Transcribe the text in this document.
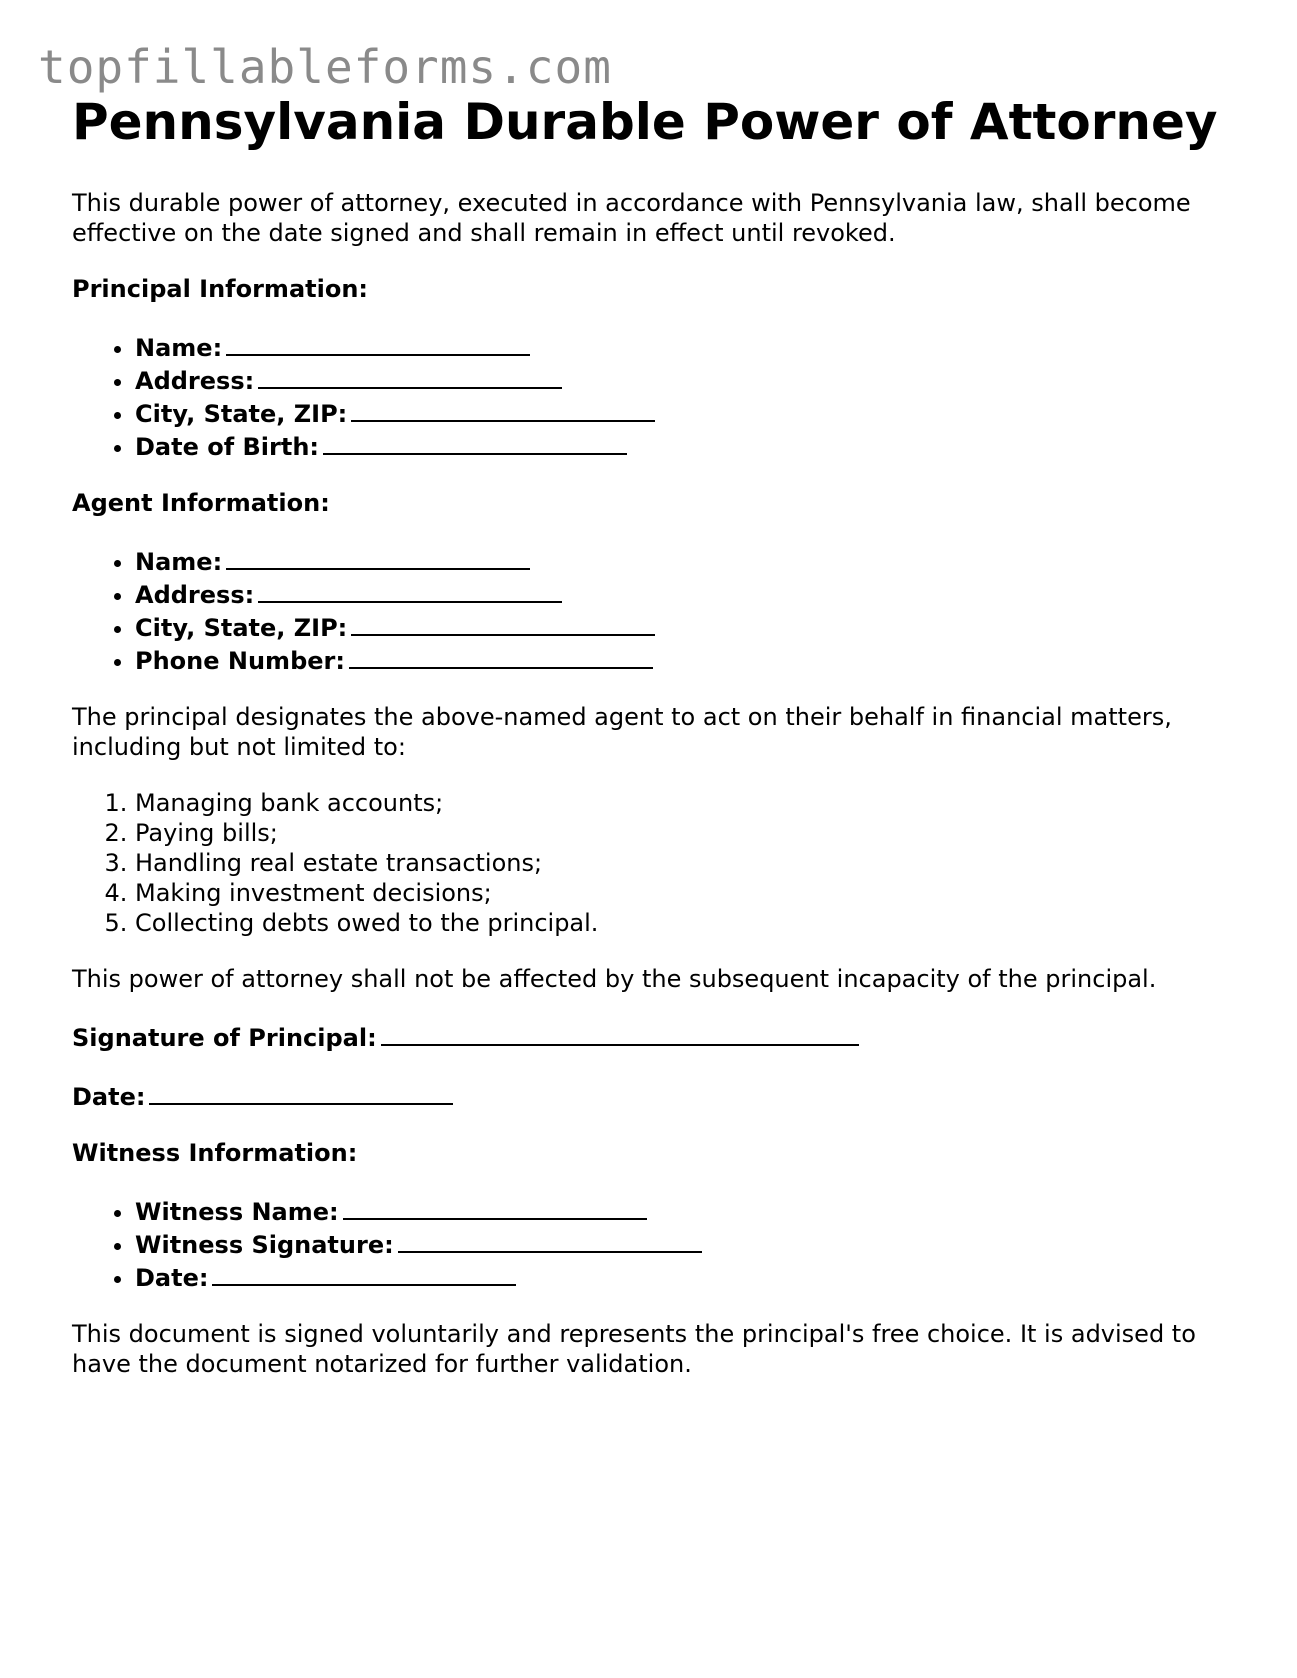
topfillableforms.com
Pennsylvania Durable Power of Attorney

This durable power of attorney, executed in accordance with Pennsylvania law, shall become effective on the date signed and shall remain in effect until revoked.

Principal Information:

• Name:
• Address:
• City, State, ZIP:
• Date of Birth:

Agent Information:

• Name:
• Address:
• City, State, ZIP:
• Phone Number:

The principal designates the above-named agent to act on their behalf in financial matters, including but not limited to:

1. Managing bank accounts;
2. Paying bills;
3. Handling real estate transactions;
4. Making investment decisions;
5. Collecting debts owed to the principal.

This power of attorney shall not be affected by the subsequent incapacity of the principal.

Signature of Principal:

Date:

Witness Information:

• Witness Name:
• Witness Signature:
• Date:

This document is signed voluntarily and represents the principal's free choice. It is advised to have the document notarized for further validation.
